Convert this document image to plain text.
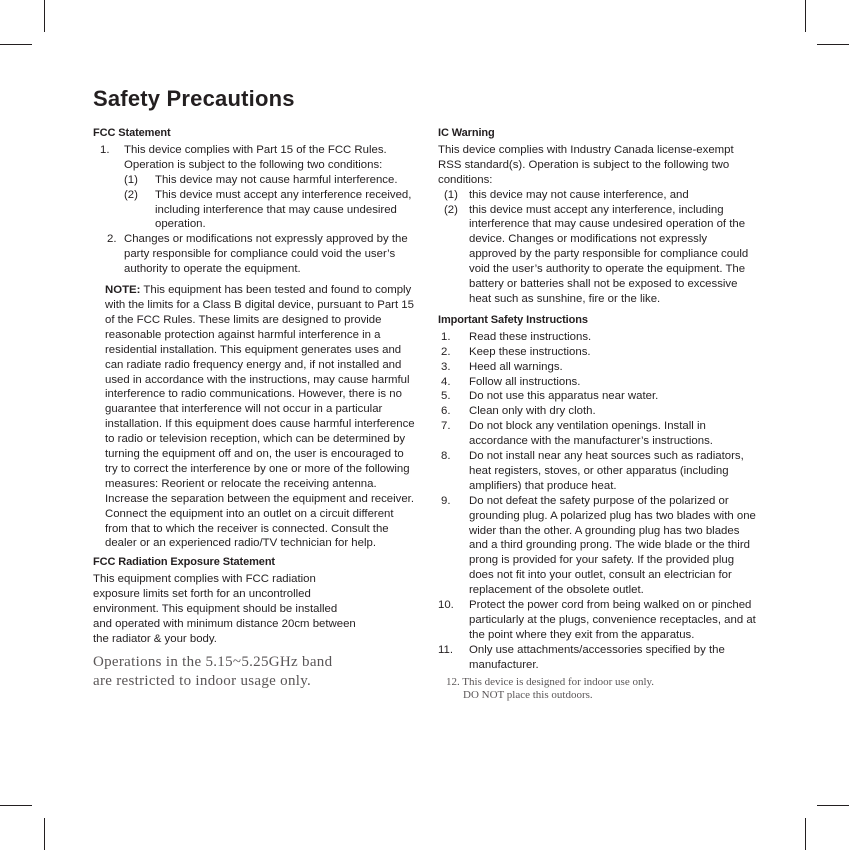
Safety Precautions
FCC Statement
1. This device complies with Part 15 of the FCC Rules. Operation is subject to the following two conditions:
(1) This device may not cause harmful interference.
(2) This device must accept any interference received, including interference that may cause undesired operation.
2. Changes or modifications not expressly approved by the party responsible for compliance could void the user’s authority to operate the equipment.

NOTE: This equipment has been tested and found to comply with the limits for a Class B digital device, pursuant to Part 15 of the FCC Rules. These limits are designed to provide reasonable protection against harmful interference in a residential installation. This equipment generates uses and can radiate radio frequency energy and, if not installed and used in accordance with the instructions, may cause harmful interference to radio communications. However, there is no guarantee that interference will not occur in a particular installation. If this equipment does cause harmful interference to radio or television reception, which can be determined by turning the equipment off and on, the user is encouraged to try to correct the interference by one or more of the following measures: Reorient or relocate the receiving antenna. Increase the separation between the equipment and receiver. Connect the equipment into an outlet on a circuit different from that to which the receiver is connected. Consult the dealer or an experienced radio/TV technician for help.

FCC Radiation Exposure Statement

This equipment complies with FCC radiation exposure limits set forth for an uncontrolled environment. This equipment should be installed and operated with minimum distance 20cm between the radiator & your body.

Operations in the 5.15~5.25GHz band
are restricted to indoor usage only.
IC Warning

This device complies with Industry Canada license-exempt RSS standard(s). Operation is subject to the following two conditions:

(1) this device may not cause interference, and
(2) this device must accept any interference, including interference that may cause undesired operation of the device. Changes or modifications not expressly approved by the party responsible for compliance could void the user’s authority to operate the equipment. The battery or batteries shall not be exposed to excessive heat such as sunshine, fire or the like.
Important Safety Instructions
1. Read these instructions.
2. Keep these instructions.
3. Heed all warnings.
4. Follow all instructions.
5. Do not use this apparatus near water.
6. Clean only with dry cloth.
7. Do not block any ventilation openings. Install in accordance with the manufacturer’s instructions.
8. Do not install near any heat sources such as radiators, heat registers, stoves, or other apparatus (including amplifiers) that produce heat.
9. Do not defeat the safety purpose of the polarized or grounding plug. A polarized plug has two blades with one wider than the other. A grounding plug has two blades and a third grounding prong. The wide blade or the third prong is provided for your safety. If the provided plug does not fit into your outlet, consult an electrician for replacement of the obsolete outlet.
10. Protect the power cord from being walked on or pinched particularly at the plugs, convenience receptacles, and at the point where they exit from the apparatus.
11. Only use attachments/accessories specified by the manufacturer.
12. This device is designed for indoor use only.
DO NOT place this outdoors.
